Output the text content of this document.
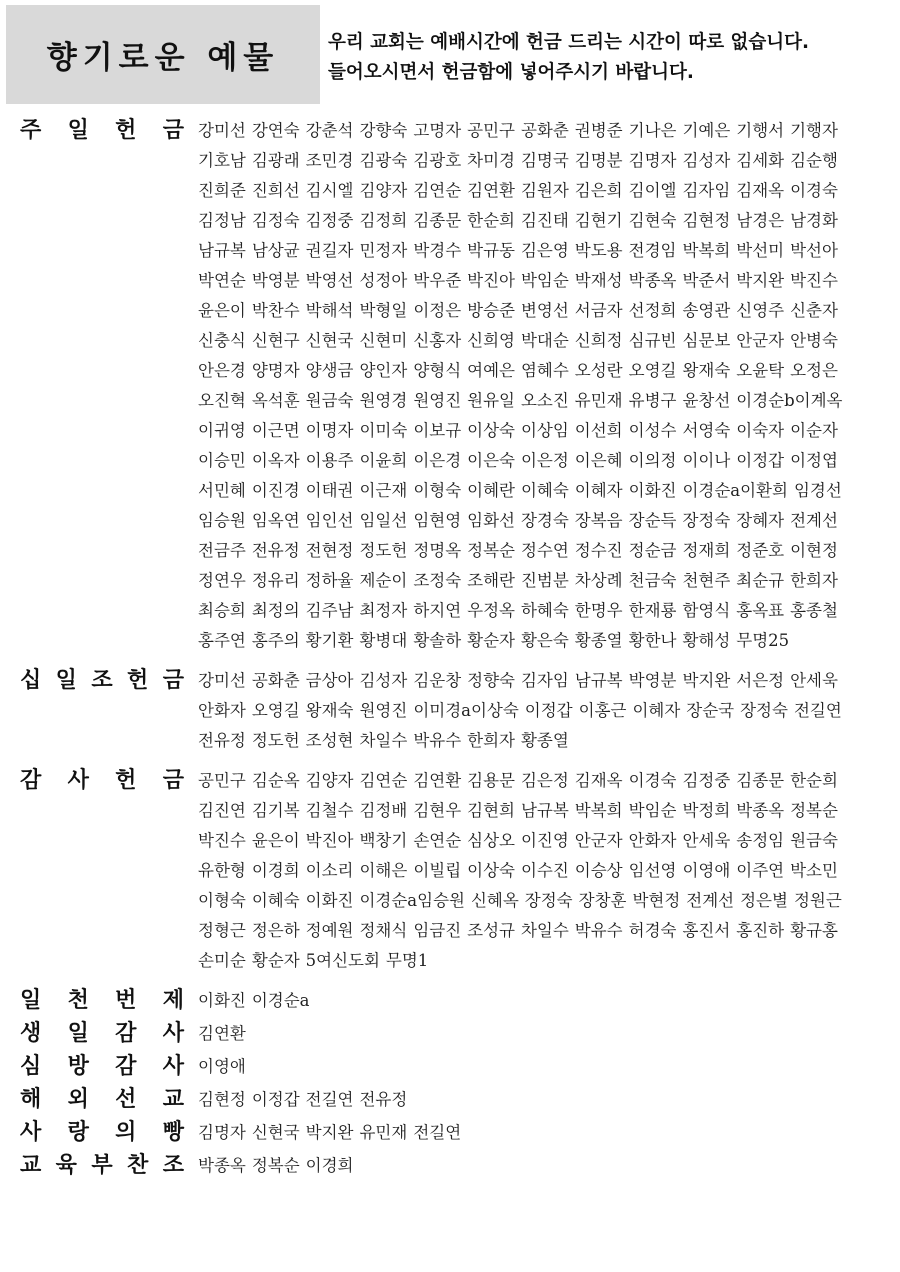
향기로운 예물	우리 교회는 예배시간에 헌금 드리는 시간이 따로 없습니다.
들어오시면서 헌금함에 넣어주시기 바랍니다.
주 일 헌 금 강미선 강연숙 강춘석 강향숙 고명자 공민구 공화춘 권병준 기나은 기예은 기행서 기행자
기호남 김광래 조민경 김광숙 김광호 차미경 김명국 김명분 김명자 김성자 김세화 김순행
진희준 진희선 김시엘 김양자 김연순 김연환 김원자 김은희 김이엘 김자임 김재옥 이경숙
김정남 김정숙 김정중 김정희 김종문 한순희 김진태 김현기 김현숙 김현정 남경은 남경화
남규복 남상균 권길자 민정자 박경수 박규동 김은영 박도용 전경임 박복희 박선미 박선아
박연순 박영분 박영선 성정아 박우준 박진아 박임순 박재성 박종옥 박준서 박지완 박진수
윤은이 박찬수 박해석 박형일 이정은 방승준 변영선 서금자 선정희 송영관 신영주 신춘자
신충식 신현구 신현국 신현미 신홍자 신희영 박대순 신희정 심규빈 심문보 안군자 안병숙
안은경 양명자 양생금 양인자 양형식 여예은 염혜수 오성란 오영길 왕재숙 오윤탁 오정은
오진혁 옥석훈 원금숙 원영경 원영진 원유일 오소진 유민재 유병구 윤창선 이경순b이계옥
이귀영 이근면 이명자 이미숙 이보규 이상숙 이상임 이선희 이성수 서영숙 이숙자 이순자
이승민 이옥자 이용주 이윤희 이은경 이은숙 이은정 이은혜 이의정 이이나 이정갑 이정엽
서민혜 이진경 이태권 이근재 이형숙 이혜란 이혜숙 이혜자 이화진 이경순a이환희 임경선
임승원 임옥연 임인선 임일선 임현영 임화선 장경숙 장복음 장순득 장정숙 장혜자 전계선
전금주 전유정 전현정 정도헌 정명옥 정복순 정수연 정수진 정순금 정재희 정준호 이현정
정연우 정유리 정하율 제순이 조정숙 조해란 진범분 차상례 천금숙 천현주 최순규 한희자
최승희 최정의 김주남 최정자 하지연 우정옥 하혜숙 한명우 한재룡 함영식 홍옥표 홍종철
홍주연 홍주의 황기환 황병대 황솔하 황순자 황은숙 황종열 황한나 황해성 무명25
십 일 조 헌 금 강미선 공화춘 금상아 김성자 김운창 정향숙 김자임 남규복 박영분 박지완 서은정 안세욱
안화자 오영길 왕재숙 원영진 이미경a이상숙 이정갑 이홍근 이혜자 장순국 장정숙 전길연
전유정 정도헌 조성현 차일수 박유수 한희자 황종열
감 사 헌 금 공민구 김순옥 김양자 김연순 김연환 김용문 김은정 김재옥 이경숙 김정중 김종문 한순희
김진연 김기복 김철수 김정배 김현우 김현희 남규복 박복희 박임순 박정희 박종옥 정복순
박진수 윤은이 박진아 백창기 손연순 심상오 이진영 안군자 안화자 안세욱 송정임 원금숙
유한형 이경희 이소리 이해은 이빌립 이상숙 이수진 이승상 임선영 이영애 이주연 박소민
이형숙 이혜숙 이화진 이경순a임승원 신혜옥 장정숙 장창훈 박현정 전계선 정은별 정원근
정형근 정은하 정예원 정채식 임금진 조성규 차일수 박유수 허경숙 홍진서 홍진하 황규홍
손미순 황순자 5여신도회 무명1
일 천 번 제 이화진 이경순a
생 일 감 사 김연환
심 방 감 사 이영애
해 외 선 교 김현정 이정갑 전길연 전유정
사 랑 의 빵 김명자 신현국 박지완 유민재 전길연
교 육 부 찬 조 박종옥 정복순 이경희
